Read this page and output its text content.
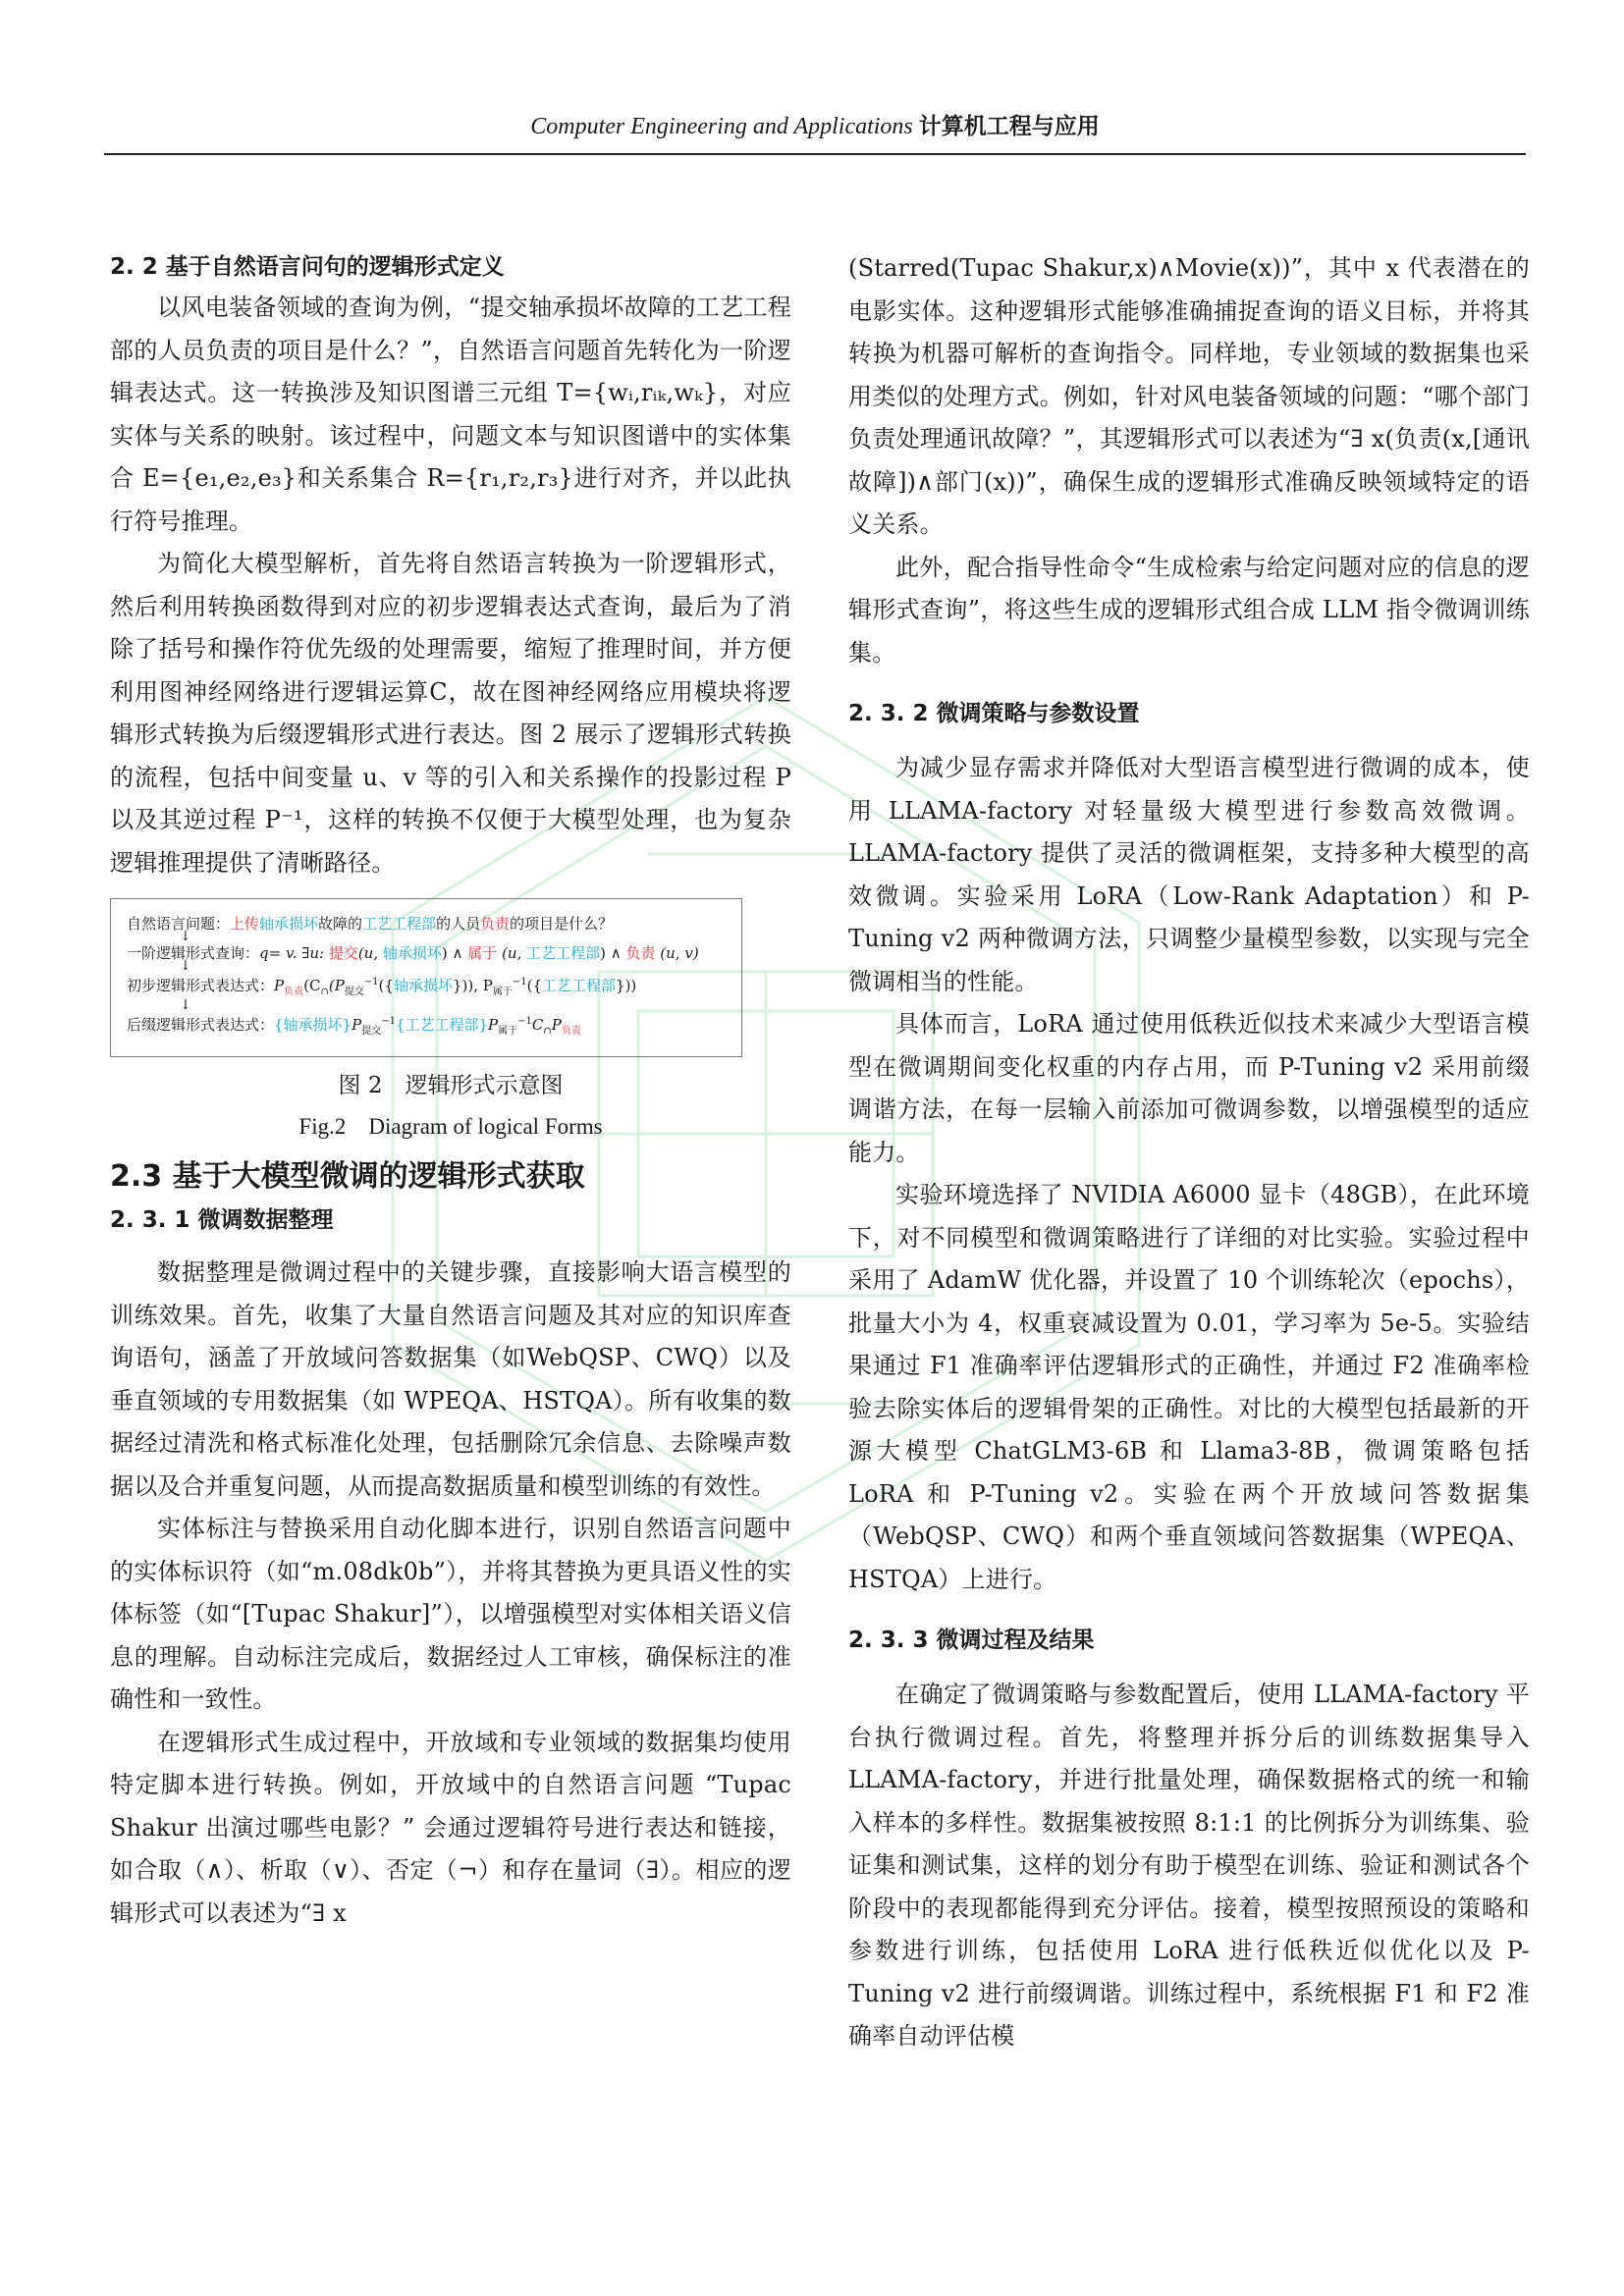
Computer Engineering and Applications 计算机工程与应用
2. 2 基于自然语言问句的逻辑形式定义

以风电装备领域的查询为例，“提交轴承损坏故障的工艺工程部的人员负责的项目是什么？”，自然语言问题首先转化为一阶逻辑表达式。这一转换涉及知识图谱三元组 T={wᵢ,rᵢₖ,wₖ}，对应实体与关系的映射。该过程中，问题文本与知识图谱中的实体集合 E={e₁,e₂,e₃}和关系集合 R={r₁,r₂,r₃}进行对齐，并以此执行符号推理。

为简化大模型解析，首先将自然语言转换为一阶逻辑形式，然后利用转换函数得到对应的初步逻辑表达式查询，最后为了消除了括号和操作符优先级的处理需要，缩短了推理时间，并方便利用图神经网络进行逻辑运算C，故在图神经网络应用模块将逻辑形式转换为后缀逻辑形式进行表达。图 2 展示了逻辑形式转换的流程，包括中间变量 u、v 等的引入和关系操作的投影过程 P 以及其逆过程 P⁻¹，这样的转换不仅便于大模型处理，也为复杂逻辑推理提供了清晰路径。

自然语言问题：上传轴承损坏故障的工艺工程部的人员负责的项目是什么？
↓
一阶逻辑形式查询：q= v. ∃u: 提交(u, 轴承损坏) ∧ 属于 (u, 工艺工程部) ∧ 负责 (u, v)
↓
初步逻辑形式表达式：$P_{负责}(C_\cap(P_{提交}^{-1}$({轴承损坏})), $P_{属于}^{-1}$({工艺工程部}))
↓
后缀逻辑形式表达式：{轴承损坏}$P_{提交}^{-1}${工艺工程部}$P_{属于}^{-1}C_\cap P_{负责}$
图 2　逻辑形式示意图
Fig.2　Diagram of logical Forms
2.3 基于大模型微调的逻辑形式获取
2. 3. 1 微调数据整理

数据整理是微调过程中的关键步骤，直接影响大语言模型的训练效果。首先，收集了大量自然语言问题及其对应的知识库查询语句，涵盖了开放域问答数据集（如WebQSP、CWQ）以及垂直领域的专用数据集（如 WPEQA、HSTQA）。所有收集的数据经过清洗和格式标准化处理，包括删除冗余信息、去除噪声数据以及合并重复问题，从而提高数据质量和模型训练的有效性。

实体标注与替换采用自动化脚本进行，识别自然语言问题中的实体标识符（如“m.08dk0b”），并将其替换为更具语义性的实体标签（如“[Tupac Shakur]”），以增强模型对实体相关语义信息的理解。自动标注完成后，数据经过人工审核，确保标注的准确性和一致性。

在逻辑形式生成过程中，开放域和专业领域的数据集均使用特定脚本进行转换。例如，开放域中的自然语言问题 “Tupac Shakur 出演过哪些电影？” 会通过逻辑符号进行表达和链接，如合取（∧）、析取（∨）、否定（¬）和存在量词（∃）。相应的逻辑形式可以表述为“∃ x

(Starred(Tupac Shakur,x)∧Movie(x))”，其中 x 代表潜在的电影实体。这种逻辑形式能够准确捕捉查询的语义目标，并将其转换为机器可解析的查询指令。同样地，专业领域的数据集也采用类似的处理方式。例如，针对风电装备领域的问题：“哪个部门负责处理通讯故障？”，其逻辑形式可以表述为“∃ x(负责(x,[通讯故障])∧部门(x))”，确保生成的逻辑形式准确反映领域特定的语义关系。

此外，配合指导性命令“生成检索与给定问题对应的信息的逻辑形式查询”，将这些生成的逻辑形式组合成 LLM 指令微调训练集。

2. 3. 2 微调策略与参数设置

为减少显存需求并降低对大型语言模型进行微调的成本，使用 LLAMA-factory 对轻量级大模型进行参数高效微调。LLAMA-factory 提供了灵活的微调框架，支持多种大模型的高效微调。实验采用 LoRA（Low-Rank Adaptation）和 P-Tuning v2 两种微调方法，只调整少量模型参数，以实现与完全微调相当的性能。

具体而言，LoRA 通过使用低秩近似技术来减少大型语言模型在微调期间变化权重的内存占用，而 P-Tuning v2 采用前缀调谐方法，在每一层输入前添加可微调参数，以增强模型的适应能力。

实验环境选择了 NVIDIA A6000 显卡（48GB），在此环境下，对不同模型和微调策略进行了详细的对比实验。实验过程中采用了 AdamW 优化器，并设置了 10 个训练轮次（epochs），批量大小为 4，权重衰减设置为 0.01，学习率为 5e-5。实验结果通过 F1 准确率评估逻辑形式的正确性，并通过 F2 准确率检验去除实体后的逻辑骨架的正确性。对比的大模型包括最新的开源大模型 ChatGLM3-6B 和 Llama3-8B，微调策略包括 LoRA 和 P-Tuning v2。实验在两个开放域问答数据集（WebQSP、CWQ）和两个垂直领域问答数据集（WPEQA、HSTQA）上进行。

2. 3. 3 微调过程及结果

在确定了微调策略与参数配置后，使用 LLAMA-factory 平台执行微调过程。首先，将整理并拆分后的训练数据集导入 LLAMA-factory，并进行批量处理，确保数据格式的统一和输入样本的多样性。数据集被按照 8:1:1 的比例拆分为训练集、验证集和测试集，这样的划分有助于模型在训练、验证和测试各个阶段中的表现都能得到充分评估。接着，模型按照预设的策略和参数进行训练，包括使用 LoRA 进行低秩近似优化以及 P-Tuning v2 进行前缀调谐。训练过程中，系统根据 F1 和 F2 准确率自动评估模
